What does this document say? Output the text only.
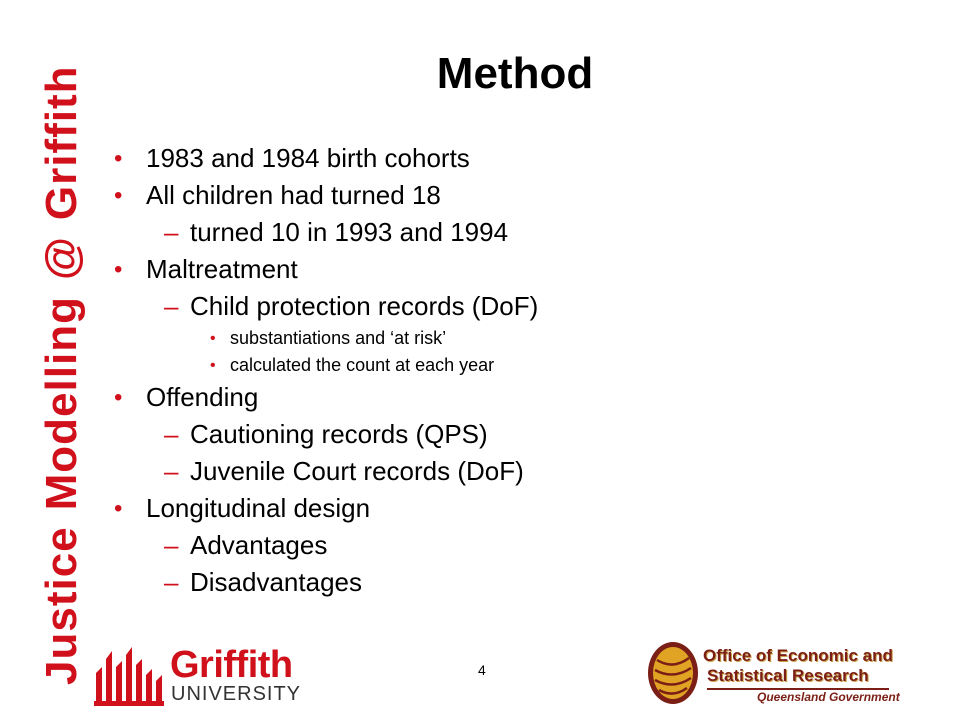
JusticeModelling@Griffith	Method
• 1983 and 1984 birth cohorts
• All children had turned 18
– turned 10 in 1993 and 1994
• Maltreatment
– Child protection records (DoF)
• substantiations and ‘at risk’
• calculated the count at each year
• Offending
– Cautioning records (QPS)
– Juvenile Court records (DoF)
• Longitudinal design
– Advantages
– Disadvantages
4
Griffith
UNIVERSITY
Office of Economic and
Statistical Research
Queensland Government
